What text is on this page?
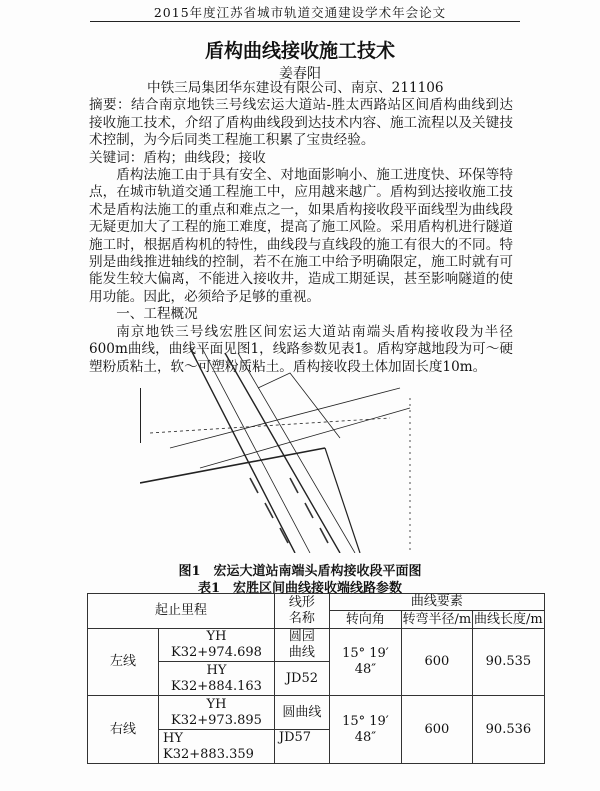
2015年度江苏省城市轨道交通建设学术年会论文
盾构曲线接收施工技术
姜春阳

中铁三局集团华东建设有限公司、南京、211106

摘要：结合南京地铁三号线宏运大道站-胜太西路站区间盾构曲线到达接收施工技术，介绍了盾构曲线段到达技术内容、施工流程以及关键技术控制，为今后同类工程施工积累了宝贵经验。

关键词：盾构；曲线段；接收

盾构法施工由于具有安全、对地面影响小、施工进度快、环保等特点，在城市轨道交通工程施工中，应用越来越广。盾构到达接收施工技术是盾构法施工的重点和难点之一，如果盾构接收段平面线型为曲线段无疑更加大了工程的施工难度，提高了施工风险。采用盾构机进行隧道施工时，根据盾构机的特性，曲线段与直线段的施工有很大的不同。特别是曲线推进轴线的控制，若不在施工中给予明确限定，施工时就有可能发生较大偏离，不能进入接收井，造成工期延误，甚至影响隧道的使用功能。因此，必须给予足够的重视。

一、工程概况

南京地铁三号线宏胜区间宏运大道站南端头盾构接收段为半径600m曲线，曲线平面见图1，线路参数见表1。盾构穿越地段为可～硬塑粉质粘土，软～可塑粉质粘土。盾构接收段土体加固长度10m。

图1　宏运大道站南端头盾构接收段平面图
表1　宏胜区间曲线接收端线路参数
起止里程		线形名称	曲线要素		
			转向角	转弯半径/m	曲线长度/m
左线	YH K32+974.698	圆园曲线	15° 19′ 48″	600	90.535
	HY K32+884.163	JD52			
右线	YH K32+973.895	圆曲线	15° 19′ 48″	600	90.536
	HY K32+883.359	JD57			
